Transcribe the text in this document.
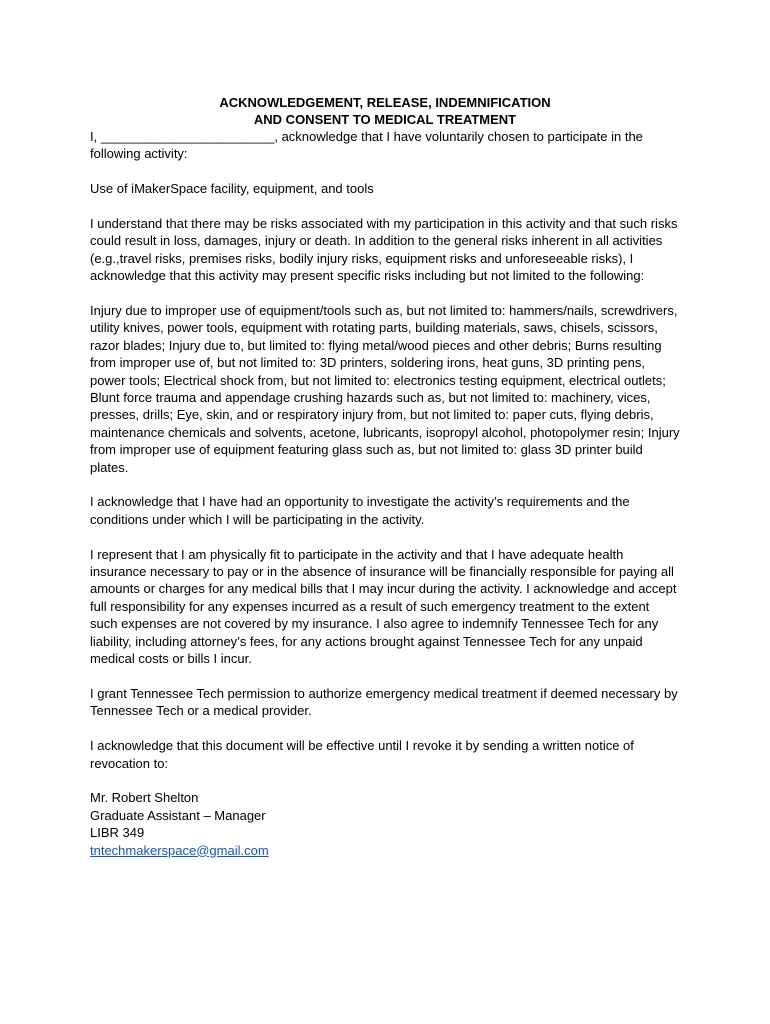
ACKNOWLEDGEMENT, RELEASE, INDEMNIFICATION
AND CONSENT TO MEDICAL TREATMENT

I, ________________________, acknowledge that I have voluntarily chosen to participate in the following activity:

Use of iMakerSpace facility, equipment, and tools

I understand that there may be risks associated with my participation in this activity and that such risks could result in loss, damages, injury or death. In addition to the general risks inherent in all activities (e.g.,travel risks, premises risks, bodily injury risks, equipment risks and unforeseeable risks), I acknowledge that this activity may present specific risks including but not limited to the following:

Injury due to improper use of equipment/tools such as, but not limited to: hammers/nails, screwdrivers, utility knives, power tools, equipment with rotating parts, building materials, saws, chisels, scissors, razor blades; Injury due to, but limited to: flying metal/wood pieces and other debris; Burns resulting from improper use of, but not limited to: 3D printers, soldering irons, heat guns, 3D printing pens, power tools; Electrical shock from, but not limited to: electronics testing equipment, electrical outlets; Blunt force trauma and appendage crushing hazards such as, but not limited to: machinery, vices, presses, drills; Eye, skin, and or respiratory injury from, but not limited to: paper cuts, flying debris, maintenance chemicals and solvents, acetone, lubricants, isopropyl alcohol, photopolymer resin; Injury from improper use of equipment featuring glass such as, but not limited to: glass 3D printer build plates.

I acknowledge that I have had an opportunity to investigate the activity’s requirements and the conditions under which I will be participating in the activity.

I represent that I am physically fit to participate in the activity and that I have adequate health insurance necessary to pay or in the absence of insurance will be financially responsible for paying all amounts or charges for any medical bills that I may incur during the activity. I acknowledge and accept full responsibility for any expenses incurred as a result of such emergency treatment to the extent such expenses are not covered by my insurance. I also agree to indemnify Tennessee Tech for any liability, including attorney’s fees, for any actions brought against Tennessee Tech for any unpaid medical costs or bills I incur.

I grant Tennessee Tech permission to authorize emergency medical treatment if deemed necessary by Tennessee Tech or a medical provider.

I acknowledge that this document will be effective until I revoke it by sending a written notice of revocation to:

Mr. Robert Shelton
Graduate Assistant – Manager
LIBR 349
tntechmakerspace@gmail.com
